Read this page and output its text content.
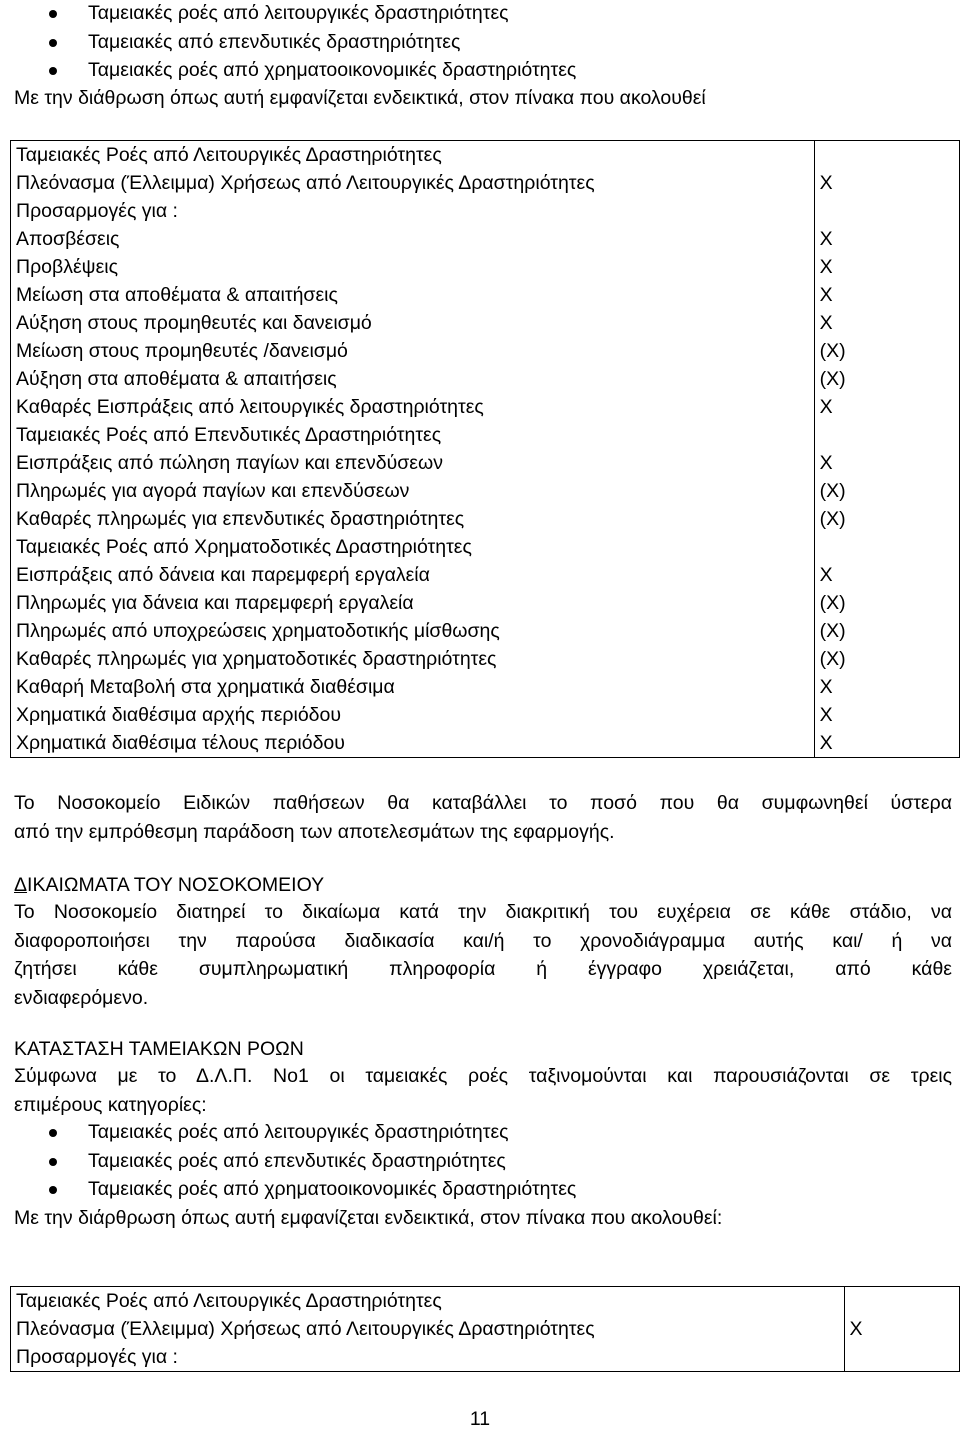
Ταμειακές ροές από λειτουργικές δραστηριότητες
Ταμειακές από επενδυτικές δραστηριότητες
Ταμειακές ροές από χρηματοοικονομικές δραστηριότητες
Με την διάθρωση όπως αυτή εμφανίζεται ενδεικτικά, στον πίνακα που ακολουθεί
Ταμειακές Ροές από Λειτουργικές Δραστηριότητες	
Πλεόνασμα (Έλλειμμα) Χρήσεως από Λειτουργικές Δραστηριότητες	Χ
Προσαρμογές για :	
Αποσβέσεις	Χ
Προβλέψεις	Χ
Μείωση στα αποθέματα & απαιτήσεις	Χ
Αύξηση στους προμηθευτές και δανεισμό	Χ
Μείωση στους προμηθευτές /δανεισμό	(Χ)
Αύξηση στα αποθέματα & απαιτήσεις	(Χ)
Καθαρές Εισπράξεις από λειτουργικές δραστηριότητες	Χ
Ταμειακές Ροές από Επενδυτικές Δραστηριότητες	
Εισπράξεις από πώληση παγίων και επενδύσεων	Χ
Πληρωμές για αγορά παγίων και επενδύσεων	(Χ)
Καθαρές πληρωμές για επενδυτικές δραστηριότητες	(Χ)
Ταμειακές Ροές από Χρηματοδοτικές Δραστηριότητες	
Εισπράξεις από δάνεια και παρεμφερή εργαλεία	Χ
Πληρωμές για δάνεια και παρεμφερή εργαλεία	(Χ)
Πληρωμές από υποχρεώσεις χρηματοδοτικής μίσθωσης	(Χ)
Καθαρές πληρωμές για χρηματοδοτικές δραστηριότητες	(Χ)
Καθαρή Μεταβολή στα χρηματικά διαθέσιμα	Χ
Χρηματικά διαθέσιμα αρχής περιόδου	Χ
Χρηματικά διαθέσιμα τέλους περιόδου	Χ
Το Νοσοκομείο Ειδικών παθήσεων θα καταβάλλει το ποσό που θα συμφωνηθεί ύστερα
από την εμπρόθεσμη παράδοση των αποτελεσμάτων της εφαρμογής.
ΔΙΚΑΙΩΜΑΤΑ ΤΟΥ ΝΟΣΟΚΟΜΕΙΟΥ
Το Νοσοκομείο διατηρεί το δικαίωμα κατά την διακριτική του ευχέρεια σε κάθε στάδιο, να
διαφοροποιήσει την παρούσα διαδικασία και/ή το χρονοδιάγραμμα αυτής και/ ή να
ζητήσει κάθε συμπληρωματική πληροφορία ή έγγραφο χρειάζεται, από κάθε
ενδιαφερόμενο.
ΚΑΤΑΣΤΑΣΗ ΤΑΜΕΙΑΚΩΝ ΡΟΩΝ
Σύμφωνα με το Δ.Λ.Π. Νο1 οι ταμειακές ροές ταξινομούνται και παρουσιάζονται σε τρεις
επιμέρους κατηγορίες:
Ταμειακές ροές από λειτουργικές δραστηριότητες
Ταμειακές ροές από επενδυτικές δραστηριότητες
Ταμειακές ροές από χρηματοοικονομικές δραστηριότητες
Με την διάρθρωση όπως αυτή εμφανίζεται ενδεικτικά, στον πίνακα που ακολουθεί:
Ταμειακές Ροές από Λειτουργικές Δραστηριότητες	
Πλεόνασμα (Έλλειμμα) Χρήσεως από Λειτουργικές Δραστηριότητες	Χ
Προσαρμογές για :	
11
